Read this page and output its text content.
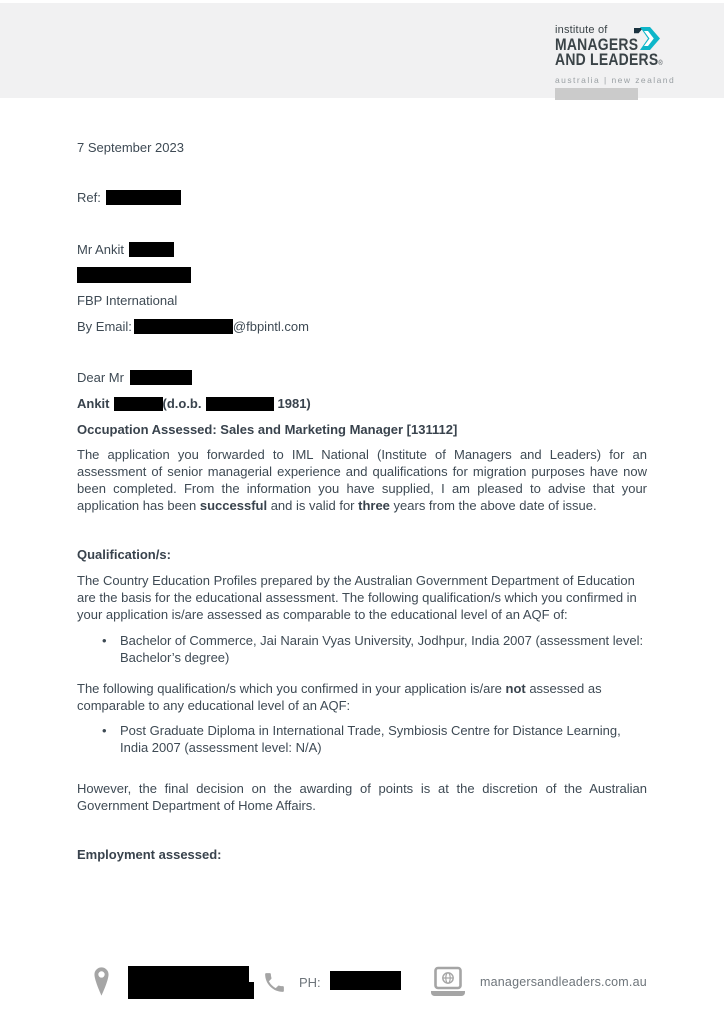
institute of
MANAGERS
AND LEADERS®
australia | new zealand
7 September 2023
Ref:
Mr Ankit
FBP International
By Email:	@fbpintl.com
Dear Mr
Ankit	(d.o.b.	1981)
Occupation Assessed: Sales and Marketing Manager [131112]

The application you forwarded to IML National (Institute of Managers and Leaders) for an assessment of senior managerial experience and qualifications for migration purposes have now been completed. From the information you have supplied, I am pleased to advise that your application has been successful and is valid for three years from the above date of issue.

Qualification/s:

The Country Education Profiles prepared by the Australian Government Department of Education are the basis for the educational assessment. The following qualification/s which you confirmed in your application is/are assessed as comparable to the educational level of an AQF of:

• Bachelor of Commerce, Jai Narain Vyas University, Jodhpur, India 2007 (assessment level: Bachelor’s degree)

The following qualification/s which you confirmed in your application is/are not assessed as comparable to any educational level of an AQF:

• Post Graduate Diploma in International Trade, Symbiosis Centre for Distance Learning, India 2007 (assessment level: N/A)

However, the final decision on the awarding of points is at the discretion of the Australian Government Department of Home Affairs.

Employment assessed:
PH:	managersandleaders.com.au
